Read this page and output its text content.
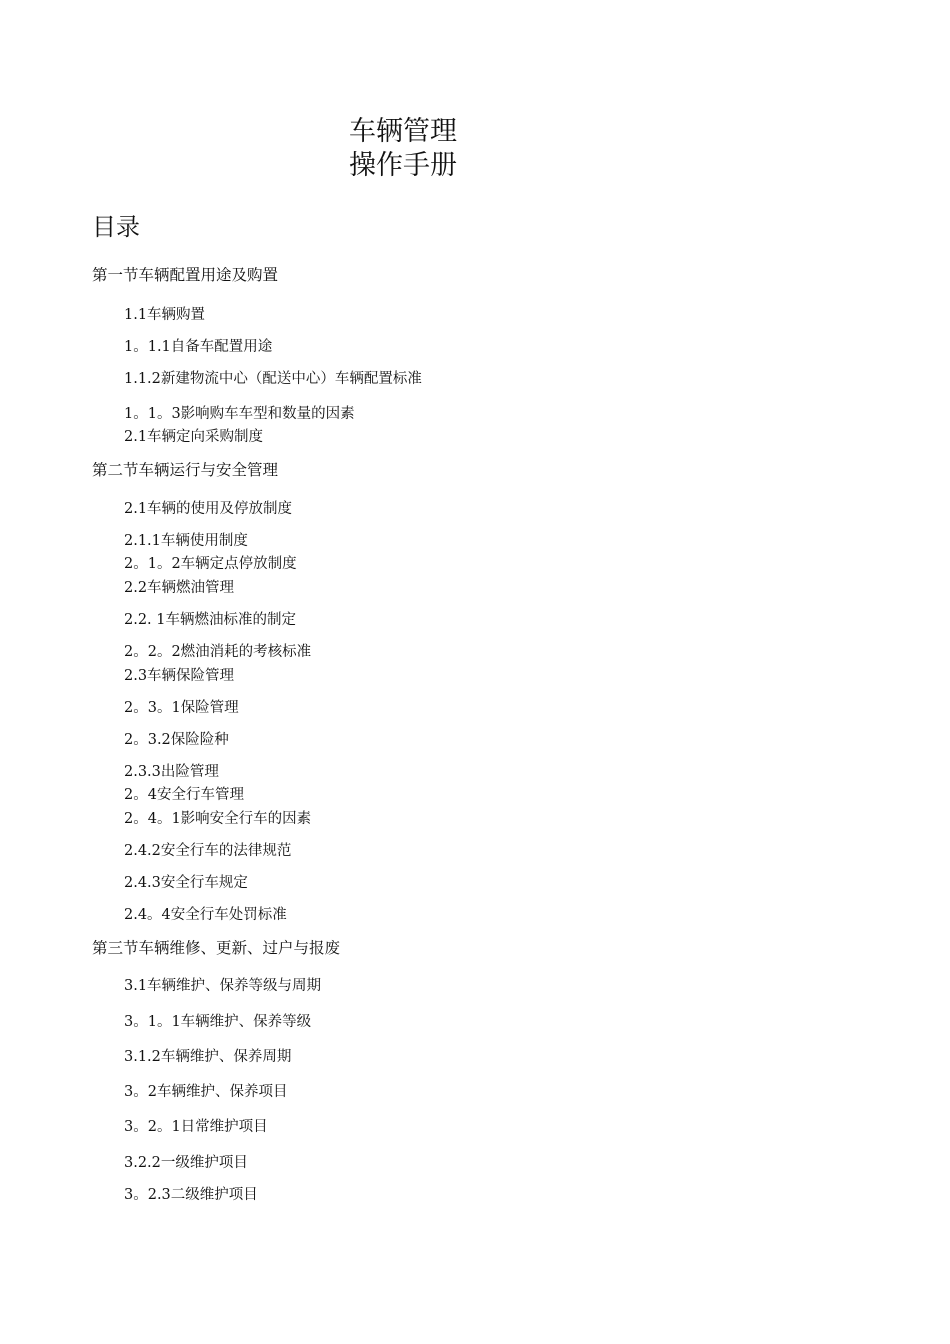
车辆管理
操作手册
目录
第一节车辆配置用途及购置
1.1车辆购置
1。1.1自备车配置用途
1.1.2新建物流中心（配送中心）车辆配置标准
1。1。3影响购车车型和数量的因素
2.1车辆定向采购制度
第二节车辆运行与安全管理
2.1车辆的使用及停放制度
2.1.1车辆使用制度
2。1。2车辆定点停放制度
2.2车辆燃油管理
2.2. 1车辆燃油标准的制定
2。2。2燃油消耗的考核标准
2.3车辆保险管理
2。3。1保险管理
2。3.2保险险种
2.3.3出险管理
2。4安全行车管理
2。4。1影响安全行车的因素
2.4.2安全行车的法律规范
2.4.3安全行车规定
2.4。4安全行车处罚标准
第三节车辆维修、更新、过户与报废
3.1车辆维护、保养等级与周期
3。1。1车辆维护、保养等级
3.1.2车辆维护、保养周期
3。2车辆维护、保养项目
3。2。1日常维护项目
3.2.2一级维护项目
3。2.3二级维护项目
